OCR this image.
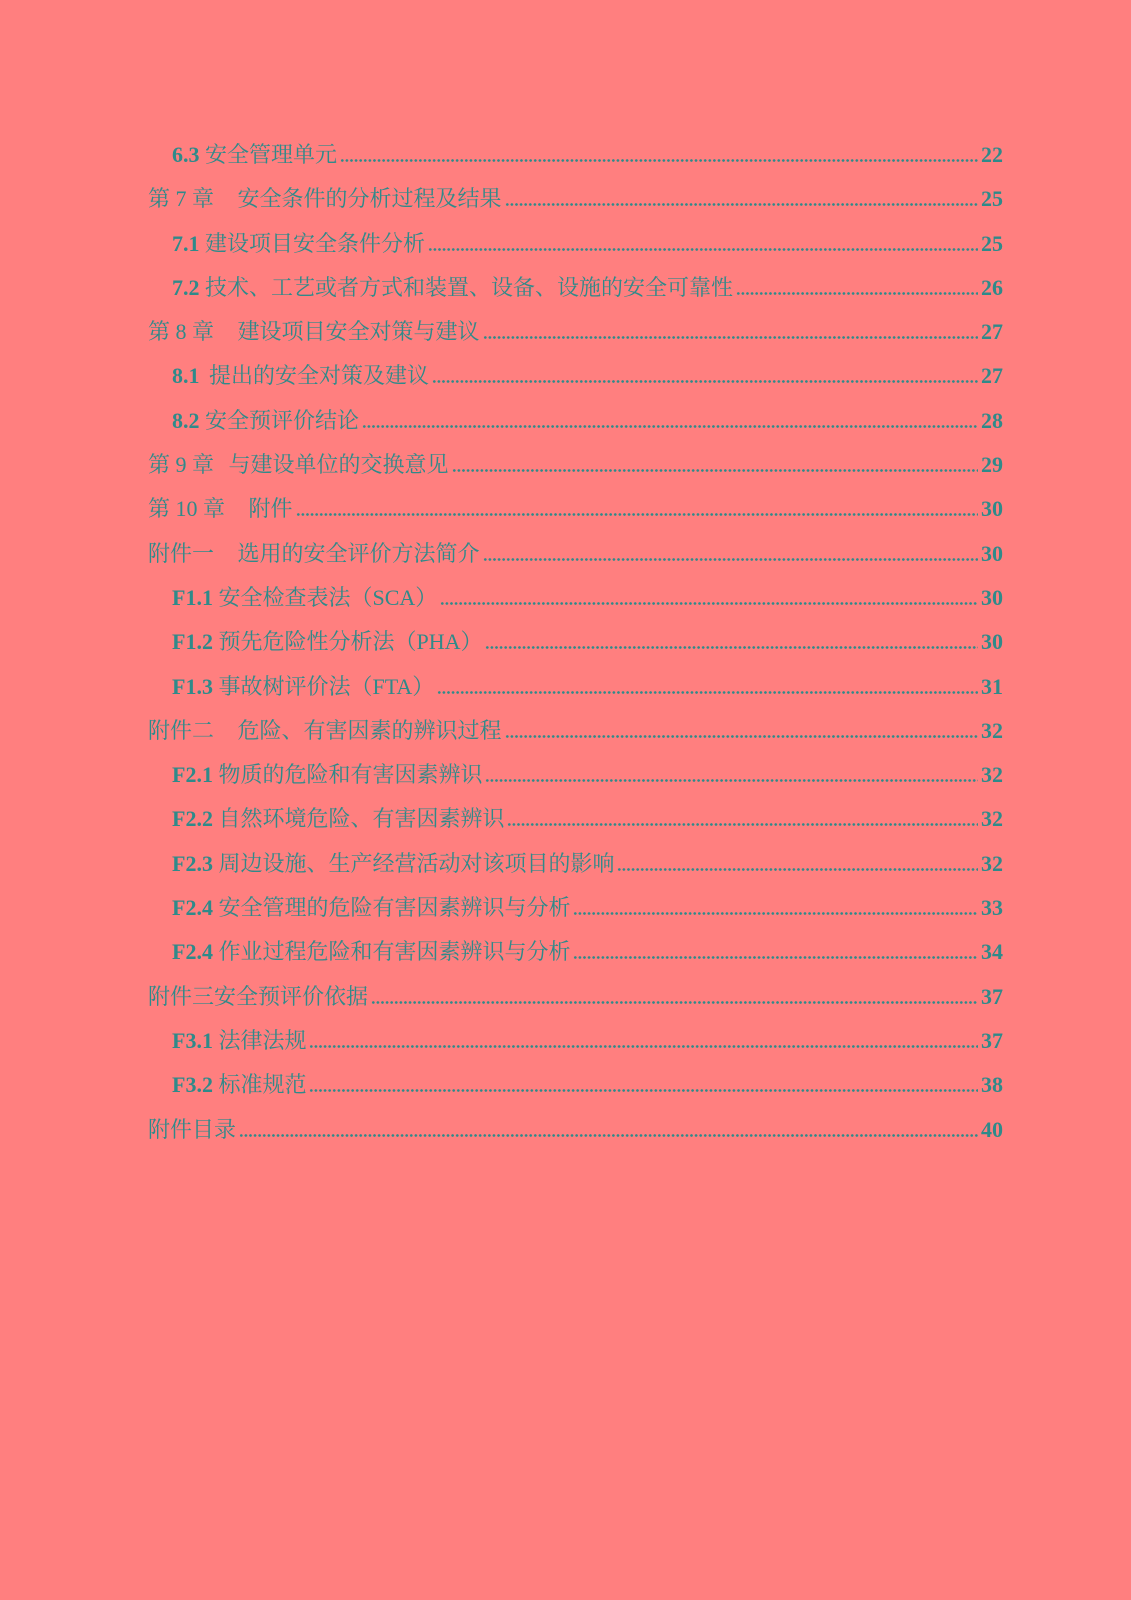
6.3 安全管理单元	22
第 7 章 安全条件的分析过程及结果	25
7.1 建设项目安全条件分析	25
7.2 技术、工艺或者方式和装置、设备、设施的安全可靠性	26
第 8 章 建设项目安全对策与建议	27
8.1 提出的安全对策及建议	27
8.2 安全预评价结论	28
第 9 章 与建设单位的交换意见	29
第 10 章 附件	30
附件一 选用的安全评价方法简介	30
F1.1 安全检查表法（SCA）	30
F1.2 预先危险性分析法（PHA）	30
F1.3 事故树评价法（FTA）	31
附件二 危险、有害因素的辨识过程	32
F2.1 物质的危险和有害因素辨识	32
F2.2 自然环境危险、有害因素辨识	32
F2.3 周边设施、生产经营活动对该项目的影响	32
F2.4 安全管理的危险有害因素辨识与分析	33
F2.4 作业过程危险和有害因素辨识与分析	34
附件三安全预评价依据	37
F3.1 法律法规	37
F3.2 标准规范	38
附件目录	40
